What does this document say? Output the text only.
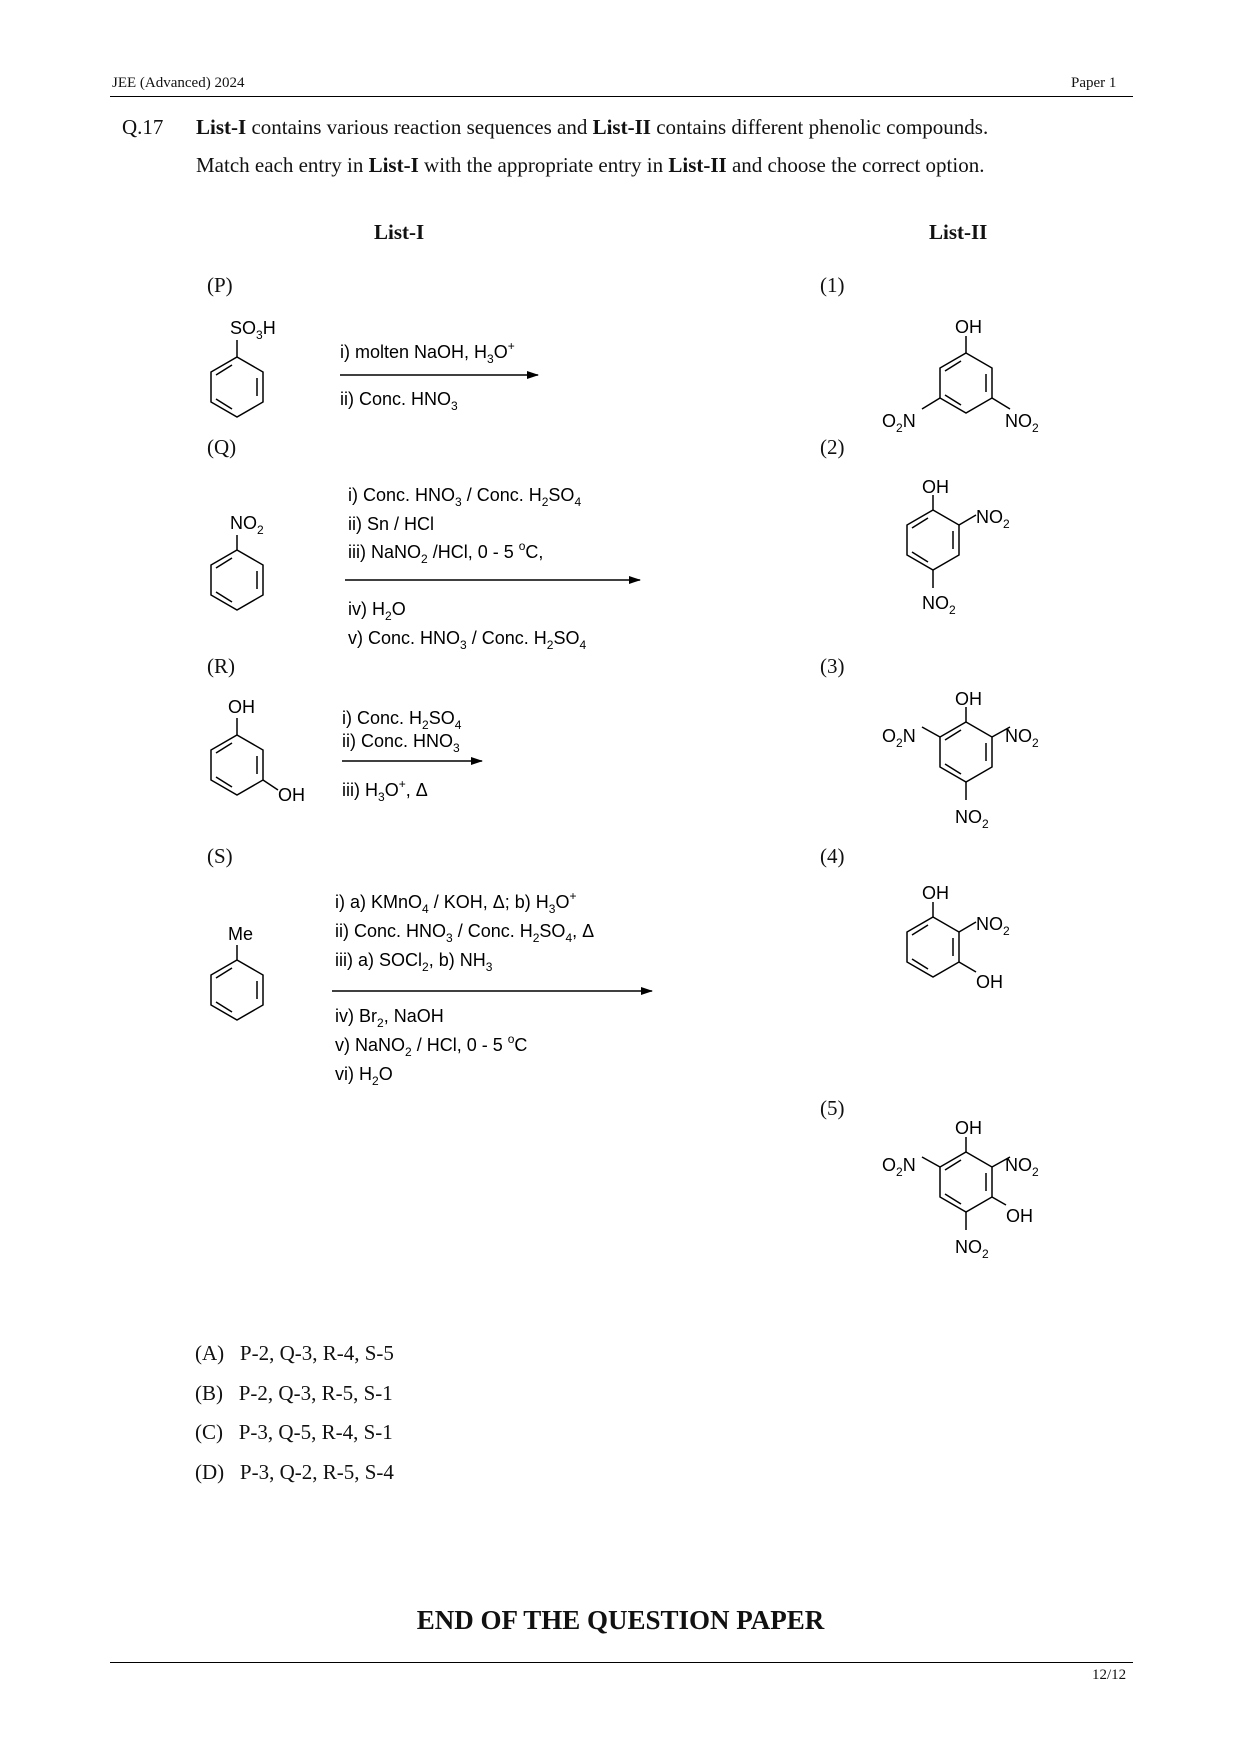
JEE (Advanced) 2024	Paper 1
Q.17 List-I contains various reaction sequences and List-II contains different phenolic compounds.
Match each entry in List-I with the appropriate entry in List-II and choose the correct option.
List-I	List-II
(P)
(Q)
(R)
(S)
(1)
(2)
(3)
(4)
(5)
$SO_3H$
i) molten NaOH, $H_3O^+$
ii) Conc. $HNO_3$
$NO_2$
i) Conc. $HNO_3$ / Conc. $H_2SO_4$
ii) Sn / HCl
iii) NaNO$_2$ /HCl, 0 - 5 $^o$C,
iv) $H_2O$
v) Conc. $HNO_3$ / Conc. $H_2SO_4$
OH
OH
i) Conc. $H_2SO_4$
ii) Conc. $HNO_3$
iii) $H_3O^+$, Δ
Me
i) a) KMnO$_4$ / KOH, Δ; b) $H_3O^+$
ii) Conc. $HNO_3$ / Conc. $H_2SO_4$, Δ
iii) a) SOCl$_2$, b) $NH_3$
iv) $Br_2$, NaOH
v) NaNO$_2$ / HCl, 0 - 5 $^o$C
vi) $H_2O$
OH
$O_2N$	$NO_2$
OH
$NO_2$
$NO_2$
OH
$O_2N$	$NO_2$
$NO_2$
OH
$NO_2$
OH
OH
$O_2N$	$NO_2$
OH
$NO_2$
(A) P-2, Q-3, R-4, S-5
(B) P-2, Q-3, R-5, S-1
(C) P-3, Q-5, R-4, S-1
(D) P-3, Q-2, R-5, S-4
END OF THE QUESTION PAPER
12/12
